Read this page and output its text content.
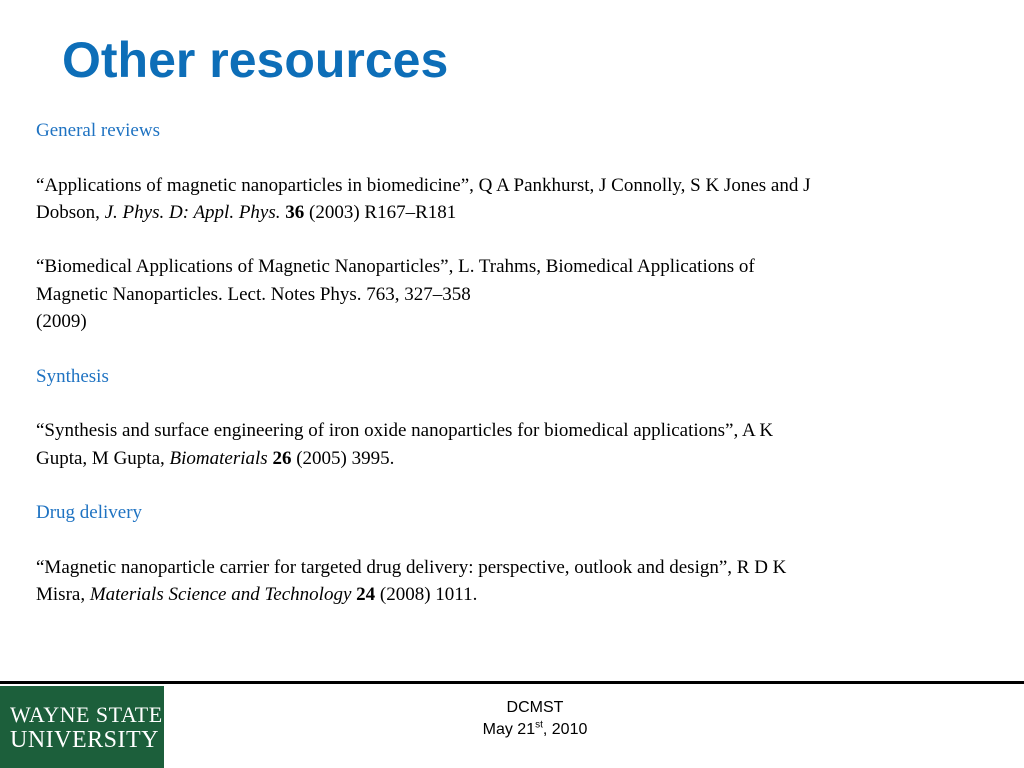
Other resources

General reviews

“Applications of magnetic nanoparticles in biomedicine”, Q A Pankhurst, J Connolly, S K Jones and J
Dobson, J. Phys. D: Appl. Phys. 36 (2003) R167–R181

“Biomedical Applications of Magnetic Nanoparticles”, L. Trahms, Biomedical Applications of
Magnetic Nanoparticles. Lect. Notes Phys. 763, 327–358
(2009)

Synthesis

“Synthesis and surface engineering of iron oxide nanoparticles for biomedical applications”, A K
Gupta, M Gupta, Biomaterials 26 (2005) 3995.

Drug delivery

“Magnetic nanoparticle carrier for targeted drug delivery: perspective, outlook and design”, R D K
Misra, Materials Science and Technology 24 (2008) 1011.

WAYNE STATE
UNIVERSITY
DCMST
May 21st, 2010
